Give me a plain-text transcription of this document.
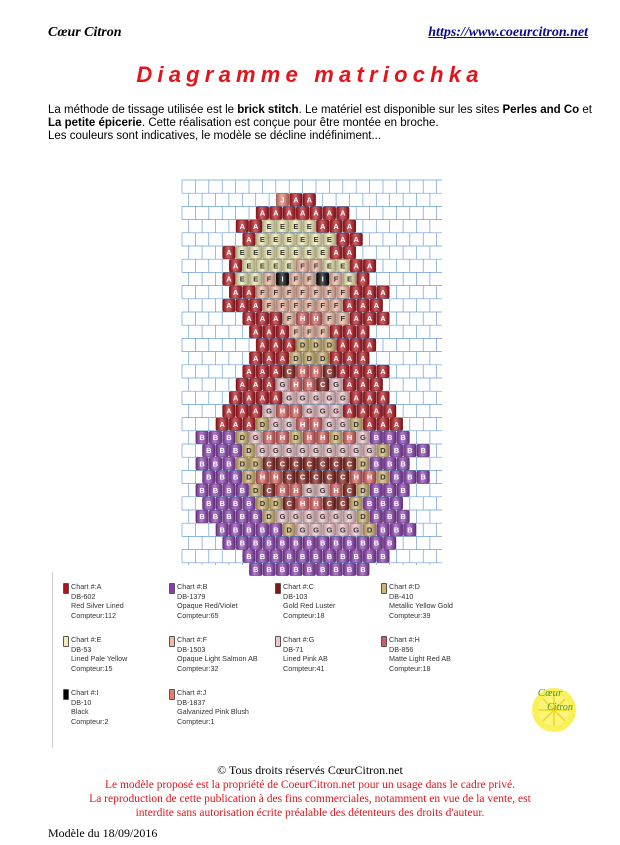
Cœur Citron	https://www.coeurcitron.net
Diagramme matriochka

La méthode de tissage utilisée est le brick stitch. Le matériel est disponible sur les sites Perles and Co et La petite épicerie. Cette réalisation est conçue pour être montée en broche.

Les couleurs sont indicatives, le modèle se décline indéfiniment...

J A A
A A A A A A A
A A E E E E A A A
A E E E E E E A A
A E E E E E E E A A
A E E E E F F E E A A
A E E F I F F I F E A
A A F F F F F F F A A A
A A A F F F F F F A A A
A A A F H H F F A A A
A A A F F F A A A
A A A D D D A A A
A A A D D D A A A
A A A C H H C A A A A
A A A G H H C G A A A
A A A A G G G G G A A A
A A A G H H G G G A A A A
A A A D G G H H G G D A A A
B B B D G H H D H H D H G B B B
B B B D G G G G G G G G G D B B B
B B B D D C C C C C C C D B B B
B B B D H H C C C C C H H D B B B
B B B B D C H H G G H C D B B B
B B B B D D C H H C C D B B B
B B B B B D G G G G G G D B B B
B B B B B D G G G G G D B B B
B B B B B B B B B B B B B
B B B B B B B B B B B
B B B B B B B B B
Chart #:A
DB-602
Red Silver Lined
Compteur:112
Chart #:B
DB-1379
Opaque Red/Violet
Compteur:65
Chart #:C
DB-103
Gold Red Luster
Compteur:18
Chart #:D
DB-410
Metallic Yellow Gold
Compteur:39
Chart #:E
DB-53
Lined Pale Yellow
Compteur:15
Chart #:F
DB-1503
Opaque Light Salmon AB
Compteur:32
Chart #:G
DB-71
Lined Pink AB
Compteur:41
Chart #:H
DB-856
Matte Light Red AB
Compteur:18
Chart #:I
DB-10
Black
Compteur:2
Chart #:J
DB-1837
Galvanized Pink Blush
Compteur:1
Cœur
Citron
© Tous droits réservés CœurCitron.net
Le modèle proposé est la propriété de CoeurCitron.net pour un usage dans le cadre privé.
La reproduction de cette publication à des fins commerciales, notamment en vue de la vente, est
interdite sans autorisation écrite préalable des détenteurs des droits d'auteur.
Modèle du 18/09/2016
